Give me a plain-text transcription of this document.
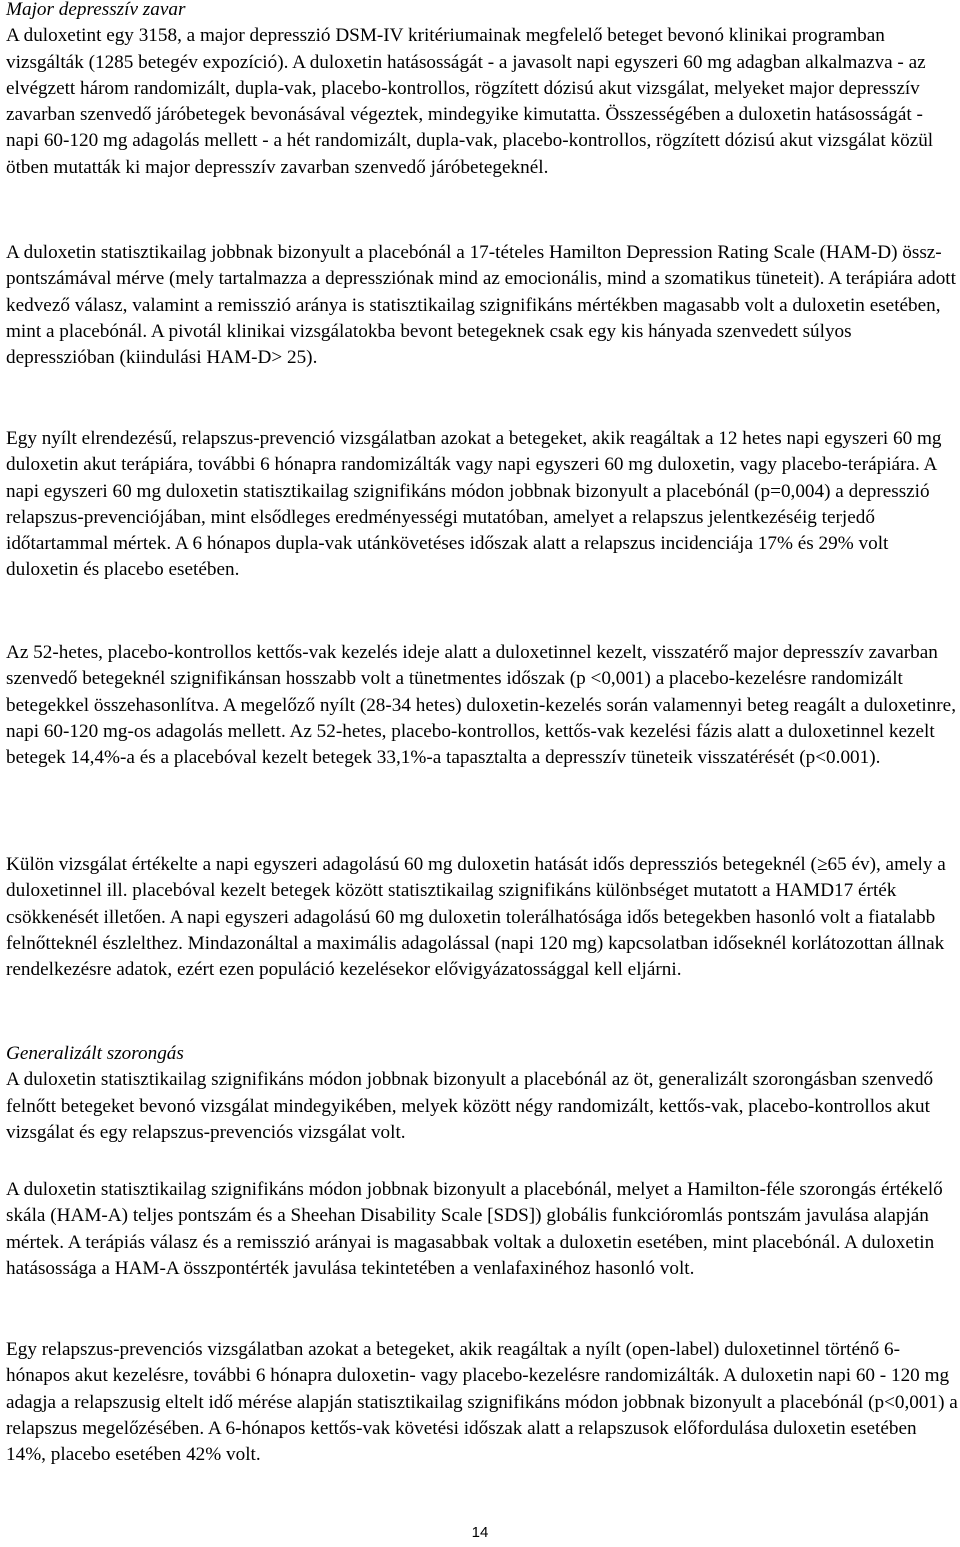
Major depresszív zavar
A duloxetint egy 3158, a major depresszió DSM-IV kritériumainak megfelelő beteget bevonó klinikai programban vizsgálták (1285 betegév expozíció). A duloxetin hatásosságát - a javasolt napi egyszeri 60 mg adagban alkalmazva - az elvégzett három randomizált, dupla-vak, placebo-kontrollos, rögzített dózisú akut vizsgálat, melyeket major depresszív zavarban szenvedő járóbetegek bevonásával végeztek, mindegyike kimutatta. Összességében a duloxetin hatásosságát - napi 60-120 mg adagolás mellett - a hét randomizált, dupla-vak, placebo-kontrollos, rögzített dózisú akut vizsgálat közül ötben mutatták ki major depresszív zavarban szenvedő járóbetegeknél.

A duloxetin statisztikailag jobbnak bizonyult a placebónál a 17-tételes Hamilton Depression Rating Scale (HAM-D) össz-pontszámával mérve (mely tartalmazza a depressziónak mind az emocionális, mind a szomatikus tüneteit). A terápiára adott kedvező válasz, valamint a remisszió aránya is statisztikailag szignifikáns mértékben magasabb volt a duloxetin esetében, mint a placebónál. A pivotál klinikai vizsgálatokba bevont betegeknek csak egy kis hányada szenvedett súlyos depresszióban (kiindulási HAM-D> 25).

Egy nyílt elrendezésű, relapszus-prevenció vizsgálatban azokat a betegeket, akik reagáltak a 12 hetes napi egyszeri 60 mg duloxetin akut terápiára, további 6 hónapra randomizálták vagy napi egyszeri 60 mg duloxetin, vagy placebo-terápiára. A napi egyszeri 60 mg duloxetin statisztikailag szignifikáns módon jobbnak bizonyult a placebónál (p=0,004) a depresszió relapszus-prevenciójában, mint elsődleges eredményességi mutatóban, amelyet a relapszus jelentkezéséig terjedő időtartammal mértek. A 6 hónapos dupla-vak utánkövetéses időszak alatt a relapszus incidenciája 17% és 29% volt duloxetin és placebo esetében.

Az 52-hetes, placebo-kontrollos kettős-vak kezelés ideje alatt a duloxetinnel kezelt, visszatérő major depresszív zavarban szenvedő betegeknél szignifikánsan hosszabb volt a tünetmentes időszak (p <0,001) a placebo-kezelésre randomizált betegekkel összehasonlítva. A megelőző nyílt (28-34 hetes) duloxetin-kezelés során valamennyi beteg reagált a duloxetinre, napi 60-120 mg-os adagolás mellett. Az 52-hetes, placebo-kontrollos, kettős-vak kezelési fázis alatt a duloxetinnel kezelt betegek 14,4%-a és a placebóval kezelt betegek 33,1%-a tapasztalta a depresszív tüneteik visszatérését (p<0.001).

Külön vizsgálat értékelte a napi egyszeri adagolású 60 mg duloxetin hatását idős depressziós betegeknél (≥65 év), amely a duloxetinnel ill. placebóval kezelt betegek között statisztikailag szignifikáns különbséget mutatott a HAMD17 érték csökkenését illetően. A napi egyszeri adagolású 60 mg duloxetin tolerálhatósága idős betegekben hasonló volt a fiatalabb felnőtteknél észlelthez. Mindazonáltal a maximális adagolással (napi 120 mg) kapcsolatban időseknél korlátozottan állnak rendelkezésre adatok, ezért ezen populáció kezelésekor elővigyázatossággal kell eljárni.

Generalizált szorongás
A duloxetin statisztikailag szignifikáns módon jobbnak bizonyult a placebónál az öt, generalizált szorongásban szenvedő felnőtt betegeket bevonó vizsgálat mindegyikében, melyek között négy randomizált, kettős-vak, placebo-kontrollos akut vizsgálat és egy relapszus-prevenciós vizsgálat volt.

A duloxetin statisztikailag szignifikáns módon jobbnak bizonyult a placebónál, melyet a Hamilton-féle szorongás értékelő skála (HAM-A) teljes pontszám és a Sheehan Disability Scale [SDS]) globális funkcióromlás pontszám javulása alapján mértek. A terápiás válasz és a remisszió arányai is magasabbak voltak a duloxetin esetében, mint placebónál. A duloxetin hatásossága a HAM-A összpontérték javulása tekintetében a venlafaxinéhoz hasonló volt.

Egy relapszus-prevenciós vizsgálatban azokat a betegeket, akik reagáltak a nyílt (open-label) duloxetinnel történő 6-hónapos akut kezelésre, további 6 hónapra duloxetin- vagy placebo-kezelésre randomizálták. A duloxetin napi 60 - 120 mg adagja a relapszusig eltelt idő mérése alapján statisztikailag szignifikáns módon jobbnak bizonyult a placebónál (p<0,001) a relapszus megelőzésében. A 6-hónapos kettős-vak követési időszak alatt a relapszusok előfordulása duloxetin esetében 14%, placebo esetében 42% volt.

14
